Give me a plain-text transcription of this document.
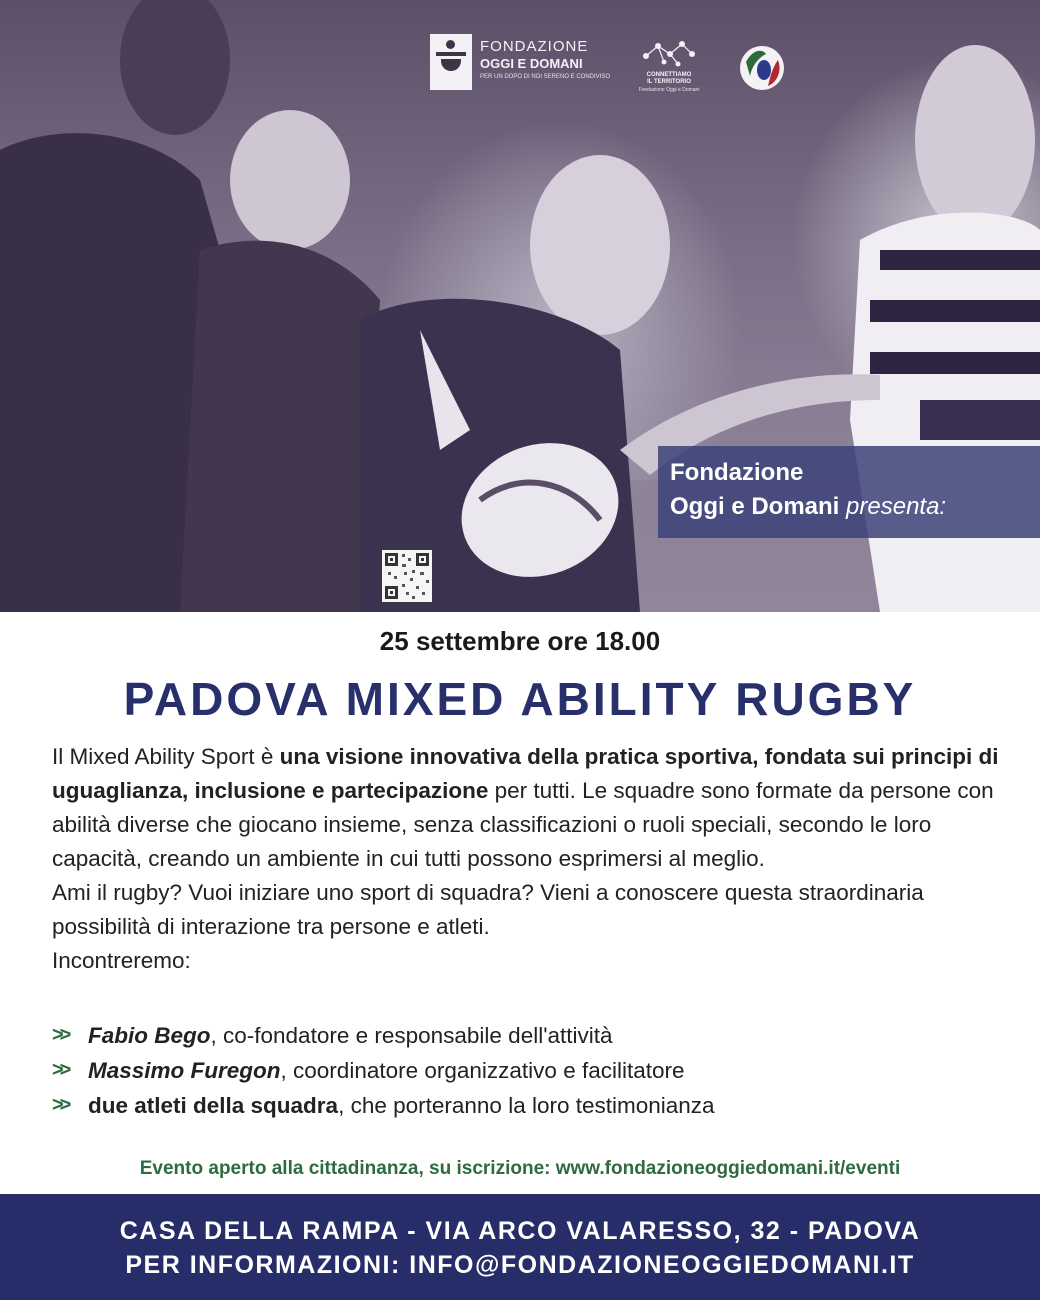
FONDAZIONE
OGGI E DOMANI
PER UN DOPO DI NOI SERENO E CONDIVISO	CONNETTIAMO
IL TERRITORIO
Fondazione Oggi e Domani
Fondazione
Oggi e Domani presenta:
25 settembre ore 18.00
PADOVA MIXED ABILITY RUGBY

Il Mixed Ability Sport è una visione innovativa della pratica sportiva, fondata sui principi di uguaglianza, inclusione e partecipazione per tutti. Le squadre sono formate da persone con abilità diverse che giocano insieme, senza classificazioni o ruoli speciali, secondo le loro capacità, creando un ambiente in cui tutti possono esprimersi al meglio.

Ami il rugby? Vuoi iniziare uno sport di squadra? Vieni a conoscere questa straordinaria possibilità di interazione tra persone e atleti.

Incontreremo:

>> Fabio Bego, co-fondatore e responsabile dell'attività
>> Massimo Furegon, coordinatore organizzativo e facilitatore
>> due atleti della squadra, che porteranno la loro testimonianza
Evento aperto alla cittadinanza, su iscrizione: www.fondazioneoggiedomani.it/eventi
CASA DELLA RAMPA - VIA ARCO VALARESSO, 32 - PADOVA
PER INFORMAZIONI: INFO@FONDAZIONEOGGIEDOMANI.IT
